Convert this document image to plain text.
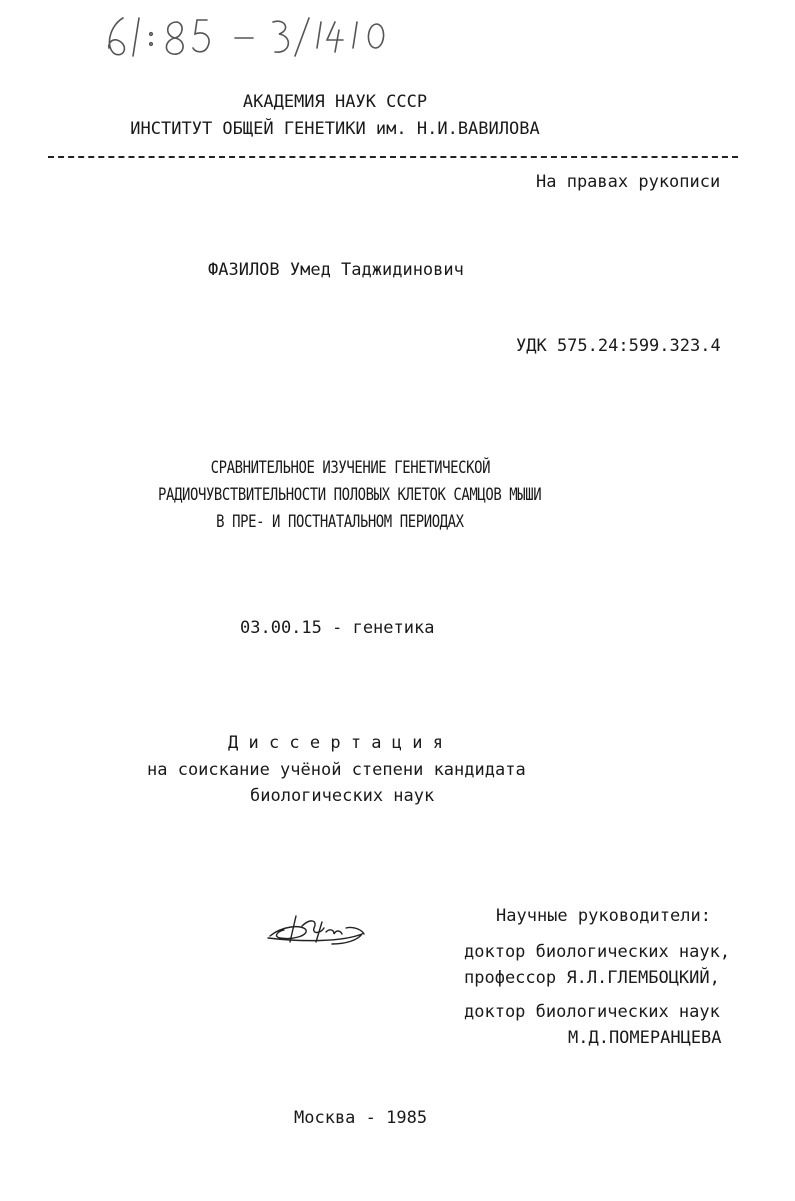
АКАДЕМИЯ НАУК СССР
ИНСТИТУТ ОБЩЕЙ ГЕНЕТИКИ им. Н.И.ВАВИЛОВА
На правах рукописи
ФАЗИЛОВ Умед Таджидинович
УДК 575.24:599.323.4
СРАВНИТЕЛЬНОЕ ИЗУЧЕНИЕ ГЕНЕТИЧЕСКОЙ
РАДИОЧУВСТВИТЕЛЬНОСТИ ПОЛОВЫХ КЛЕТОК САМЦОВ МЫШИ
В ПРЕ- И ПОСТНАТАЛЬНОМ ПЕРИОДАХ
03.00.15 - генетика
Д и с с е р т а ц и я
на соискание учёной степени кандидата
биологических наук
Научные руководители:
доктор биологических наук,
профессор Я.Л.ГЛЕМБОЦКИЙ,
доктор биологических наук
М.Д.ПОМЕРАНЦЕВА
Москва - 1985
